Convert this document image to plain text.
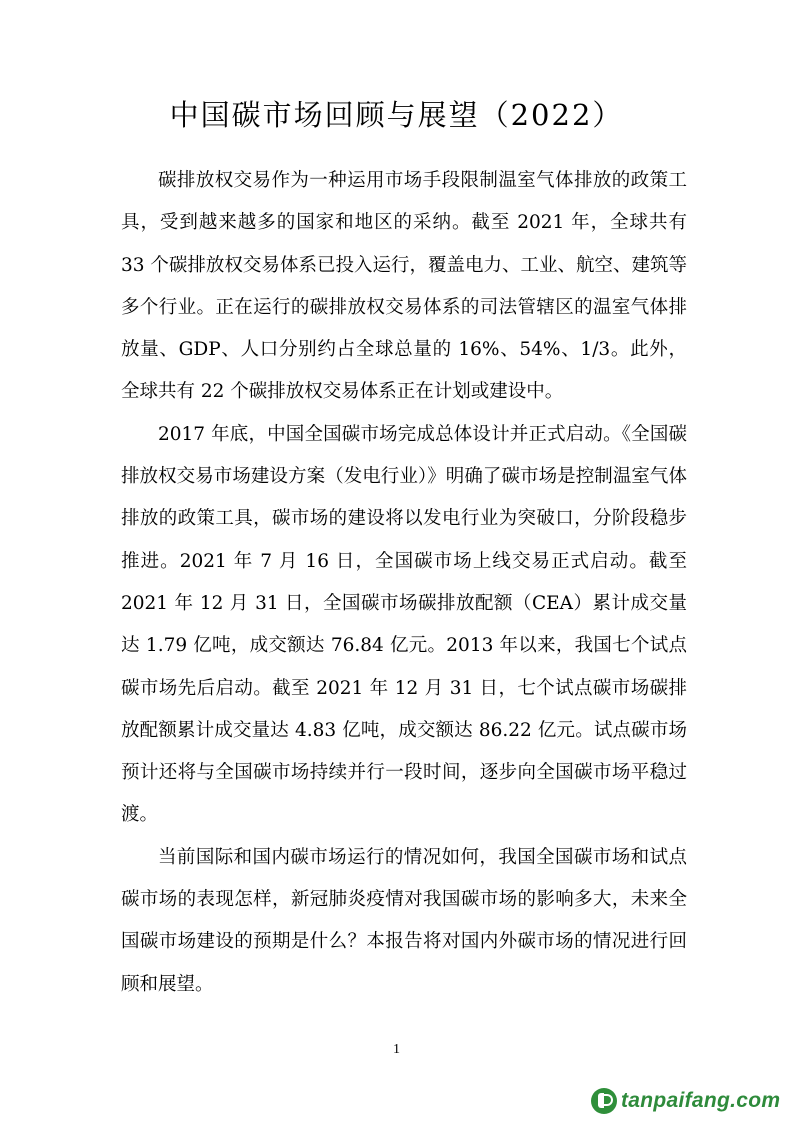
中国碳市场回顾与展望（2022）

碳排放权交易作为一种运用市场手段限制温室气体排放的政策工具，受到越来越多的国家和地区的采纳。截至 2021 年，全球共有 33 个碳排放权交易体系已投入运行，覆盖电力、工业、航空、建筑等多个行业。正在运行的碳排放权交易体系的司法管辖区的温室气体排放量、GDP、人口分别约占全球总量的 16%、54%、1/3。此外，全球共有 22 个碳排放权交易体系正在计划或建设中。

2017 年底，中国全国碳市场完成总体设计并正式启动。《全国碳排放权交易市场建设方案（发电行业）》明确了碳市场是控制温室气体排放的政策工具，碳市场的建设将以发电行业为突破口，分阶段稳步推进。2021 年 7 月 16 日，全国碳市场上线交易正式启动。截至 2021 年 12 月 31 日，全国碳市场碳排放配额（CEA）累计成交量达 1.79 亿吨，成交额达 76.84 亿元。2013 年以来，我国七个试点碳市场先后启动。截至 2021 年 12 月 31 日，七个试点碳市场碳排放配额累计成交量达 4.83 亿吨，成交额达 86.22 亿元。试点碳市场预计还将与全国碳市场持续并行一段时间，逐步向全国碳市场平稳过渡。

当前国际和国内碳市场运行的情况如何，我国全国碳市场和试点碳市场的表现怎样，新冠肺炎疫情对我国碳市场的影响多大，未来全国碳市场建设的预期是什么？本报告将对国内外碳市场的情况进行回顾和展望。

1
tanpaifang.com
